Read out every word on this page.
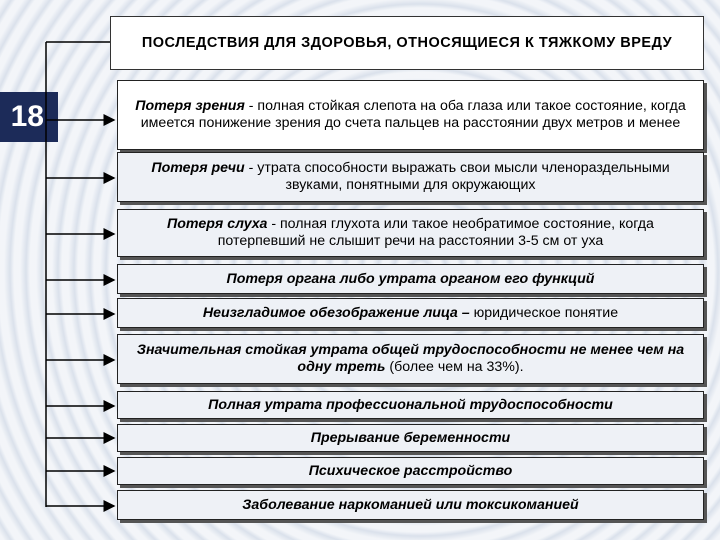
18
ПОСЛЕДСТВИЯ ДЛЯ ЗДОРОВЬЯ, ОТНОСЯЩИЕСЯ К ТЯЖКОМУ ВРЕДУ
Потеря зрения - полная стойкая слепота на оба глаза или такое состояние, когда имеется понижение зрения до счета пальцев на расстоянии двух метров и менее
Потеря речи - утрата способности выражать свои мысли членораздельными звуками, понятными для окружающих
Потеря слуха - полная глухота или такое необратимое состояние, когда потерпевший не слышит речи на расстоянии 3-5 см от уха
Потеря органа либо утрата органом его функций
Неизгладимое обезображение лица – юридическое понятие
Значительная стойкая утрата общей трудоспособности не менее чем на одну треть (более чем на 33%).
Полная утрата профессиональной трудоспособности
Прерывание беременности
Психическое расстройство
Заболевание наркоманией или токсикоманией
